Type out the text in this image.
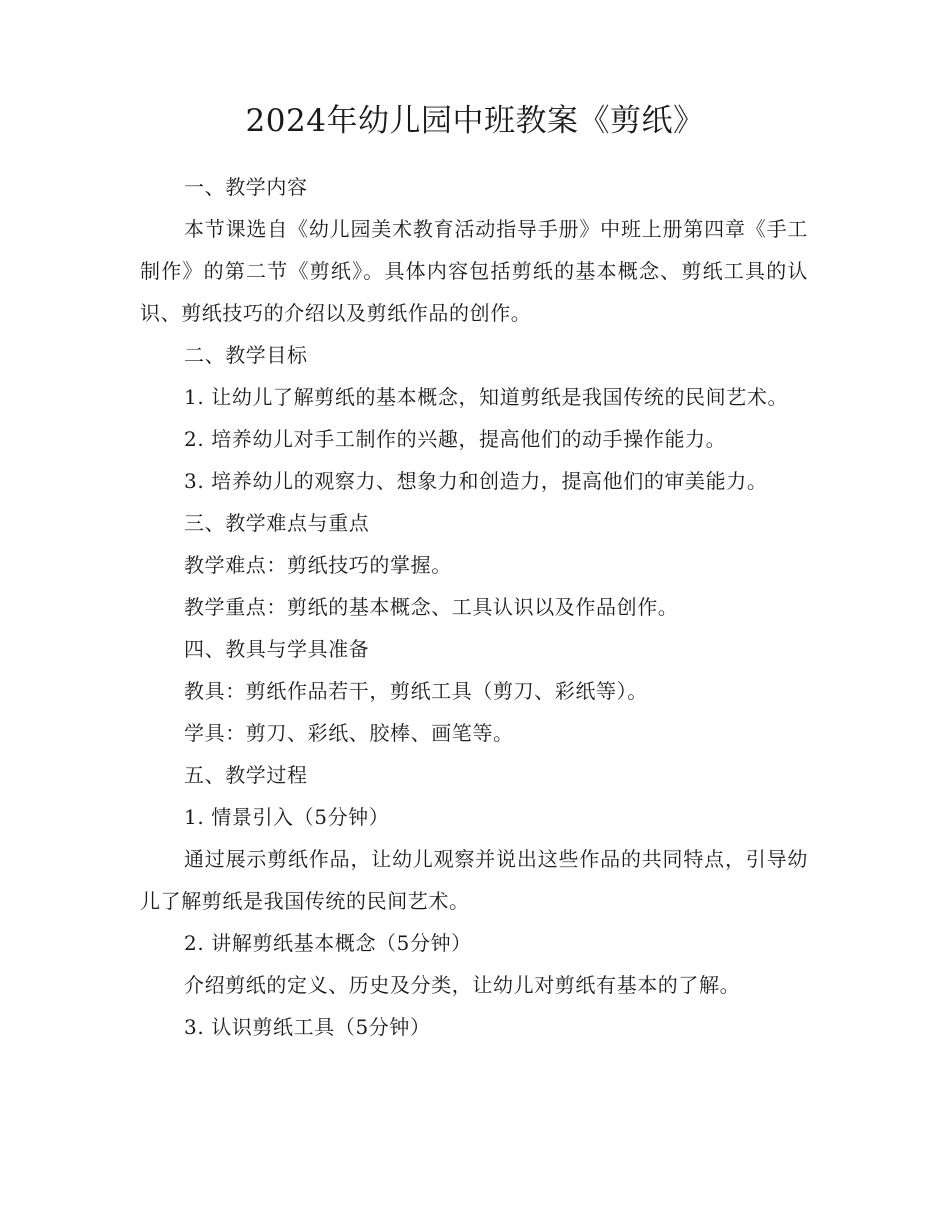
2024年幼儿园中班教案《剪纸》
一、教学内容
本节课选自《幼儿园美术教育活动指导手册》中班上册第四章《手工制作》的第二节《剪纸》。具体内容包括剪纸的基本概念、剪纸工具的认识、剪纸技巧的介绍以及剪纸作品的创作。
二、教学目标
1. 让幼儿了解剪纸的基本概念，知道剪纸是我国传统的民间艺术。
2. 培养幼儿对手工制作的兴趣，提高他们的动手操作能力。
3. 培养幼儿的观察力、想象力和创造力，提高他们的审美能力。
三、教学难点与重点
教学难点：剪纸技巧的掌握。
教学重点：剪纸的基本概念、工具认识以及作品创作。
四、教具与学具准备
教具：剪纸作品若干，剪纸工具（剪刀、彩纸等）。
学具：剪刀、彩纸、胶棒、画笔等。
五、教学过程
1. 情景引入（5分钟）
通过展示剪纸作品，让幼儿观察并说出这些作品的共同特点，引导幼儿了解剪纸是我国传统的民间艺术。
2. 讲解剪纸基本概念（5分钟）
介绍剪纸的定义、历史及分类，让幼儿对剪纸有基本的了解。
3. 认识剪纸工具（5分钟）
